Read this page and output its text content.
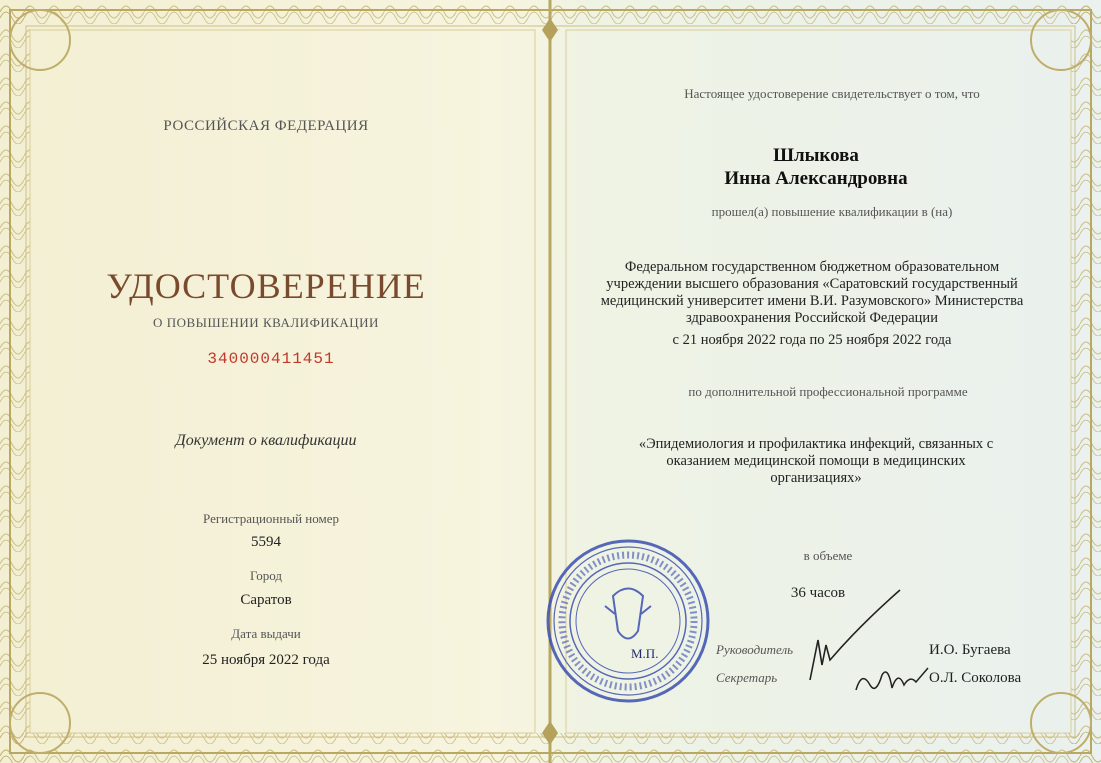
РОССИЙСКАЯ ФЕДЕРАЦИЯ
УДОСТОВЕРЕНИЕ
О ПОВЫШЕНИИ КВАЛИФИКАЦИИ
340000411451
Документ о квалификации
Регистрационный номер
5594
Город
Саратов
Дата выдачи
25 ноября 2022 года
Настоящее удостоверение свидетельствует о том, что
Шлыкова
Инна Александровна
прошел(а) повышение квалификации в (на)
Федеральном государственном бюджетном образовательном
учреждении высшего образования «Саратовский государственный
медицинский университет имени В.И. Разумовского» Министерства
здравоохранения Российской Федерации
с 21 ноября 2022 года по 25 ноября 2022 года
по дополнительной профессиональной программе
«Эпидемиология и профилактика инфекций, связанных с
оказанием медицинской помощи в медицинских
организациях»
в объеме
36 часов
Руководитель	И.О. Бугаева
Секретарь	О.Л. Соколова
М.П.
